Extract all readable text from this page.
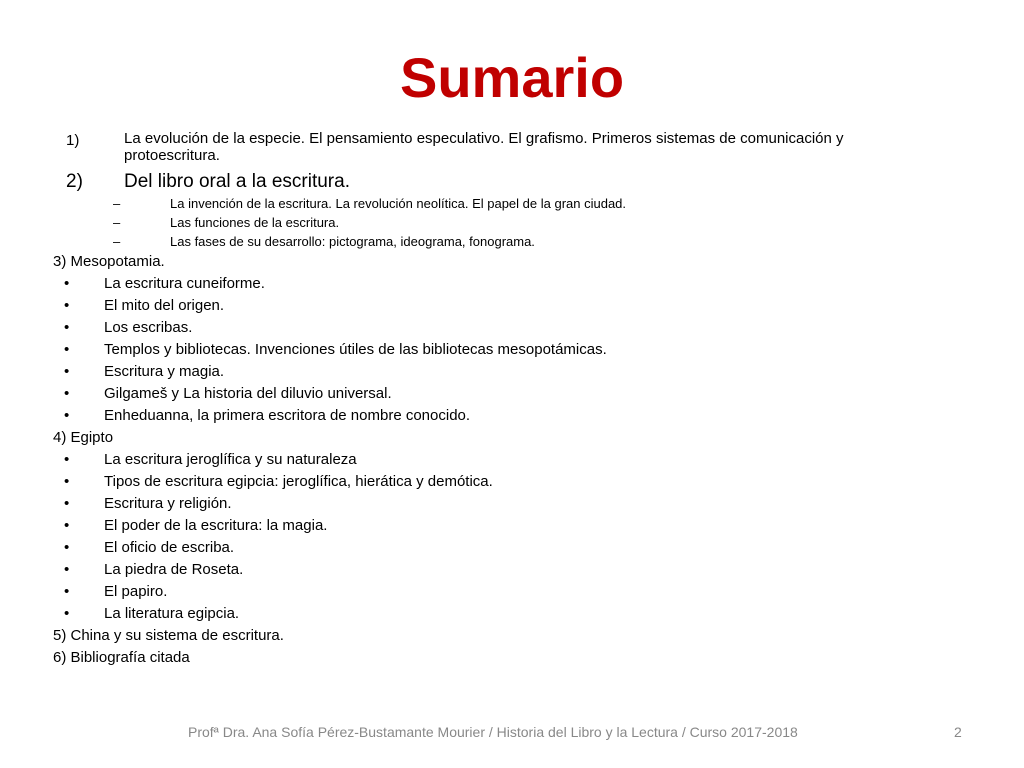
Sumario
1)	La evolución de la especie. El pensamiento especulativo. El grafismo. Primeros sistemas de comunicación y protoescritura.
2) Del libro oral a la escritura.
–	La invención de la escritura. La revolución neolítica. El papel de la gran ciudad.
–	Las funciones de la escritura.
–	Las fases de su desarrollo: pictograma, ideograma, fonograma.
3) Mesopotamia.
• La escritura cuneiforme.
• El mito del origen.
• Los escribas.
• Templos y bibliotecas. Invenciones útiles de las bibliotecas mesopotámicas.
• Escritura y magia.
• Gilgameš y La historia del diluvio universal.
• Enheduanna, la primera escritora de nombre conocido.
4) Egipto
• La escritura jeroglífica y su naturaleza
• Tipos de escritura egipcia: jeroglífica, hierática y demótica.
• Escritura y religión.
• El poder de la escritura: la magia.
• El oficio de escriba.
• La piedra de Roseta.
• El papiro.
• La literatura egipcia.
5) China y su sistema de escritura.
6) Bibliografía citada
Profª Dra. Ana Sofía Pérez-Bustamante Mourier / Historia del Libro y la Lectura / Curso 2017-2018	2
